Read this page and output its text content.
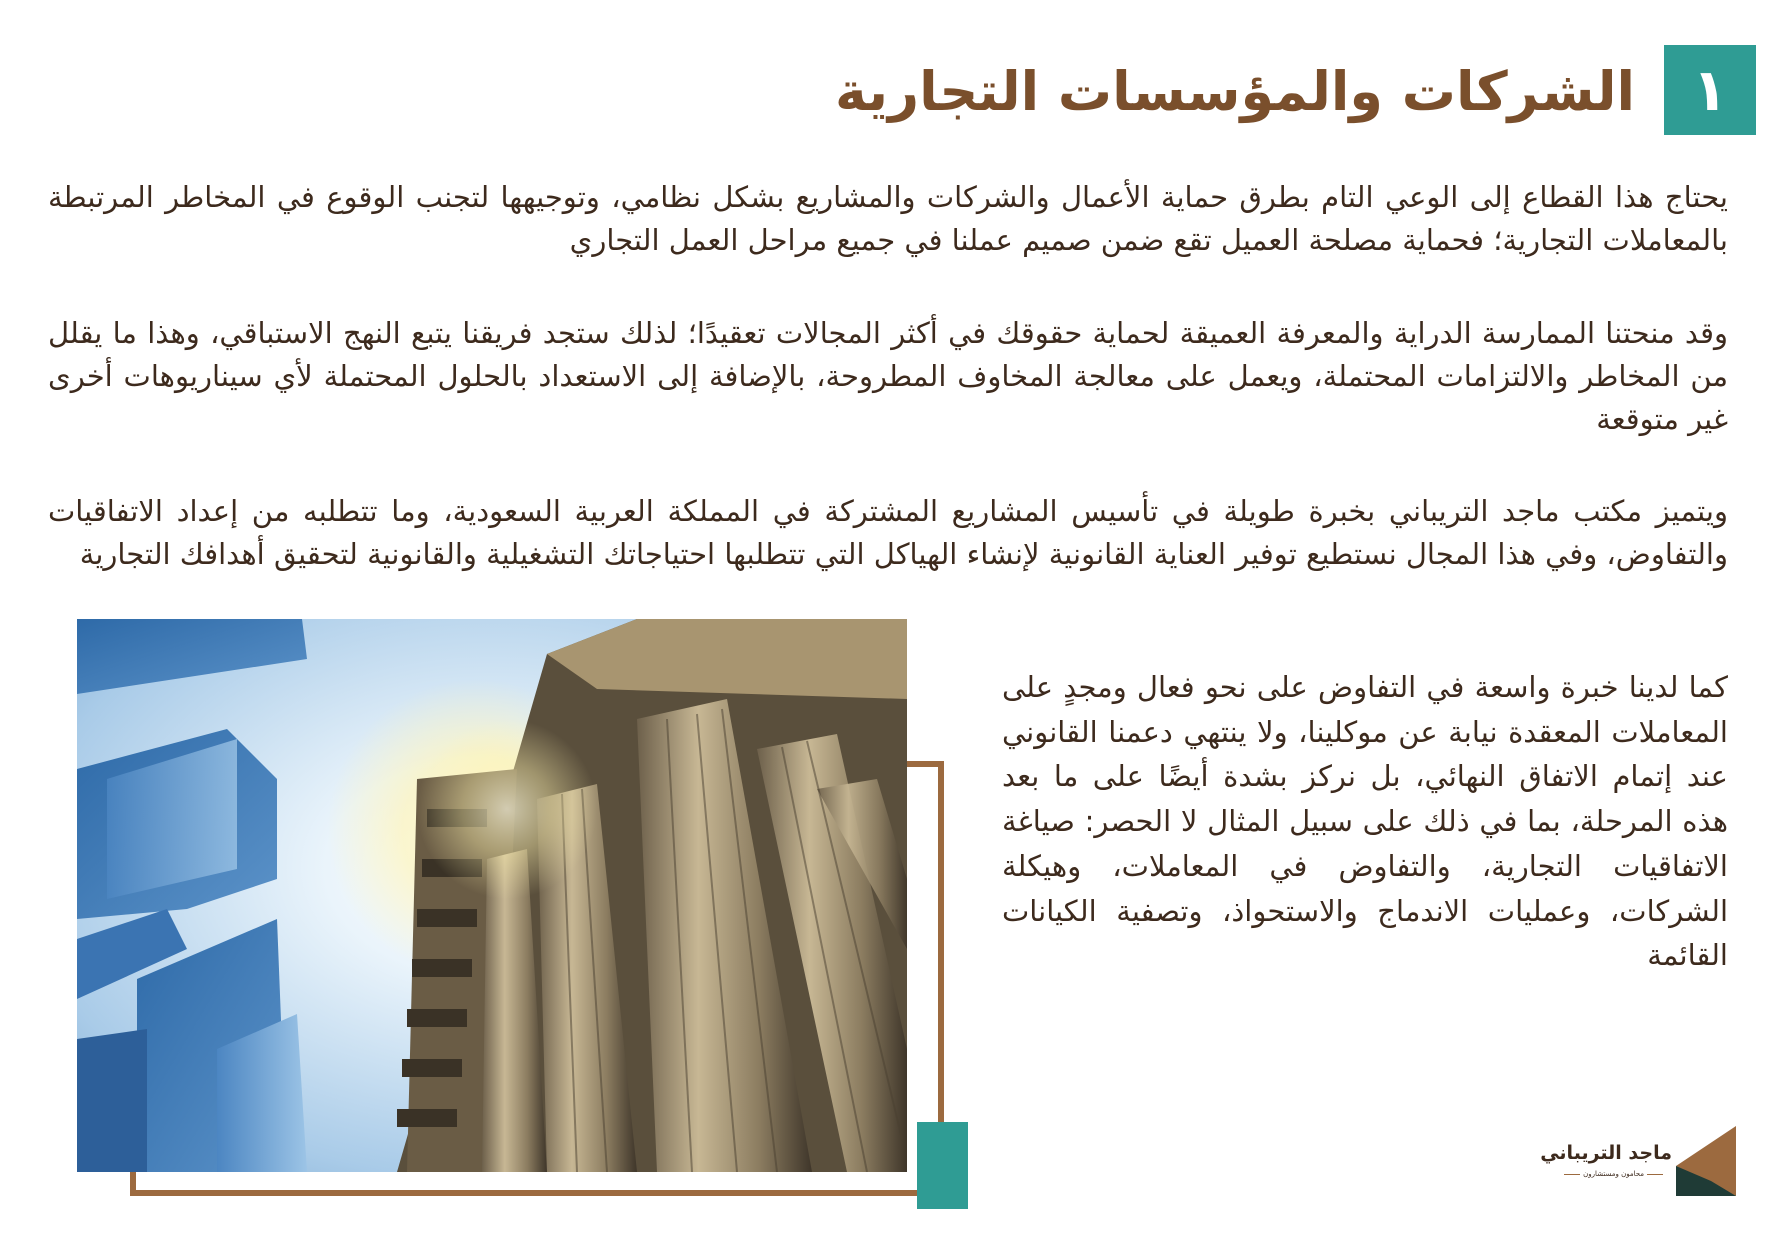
١
الشركات والمؤسسات التجارية

يحتاج هذا القطاع إلى الوعي التام بطرق حماية الأعمال والشركات والمشاريع بشكل نظامي، وتوجيهها لتجنب الوقوع في المخاطر المرتبطة بالمعاملات التجارية؛ فحماية مصلحة العميل تقع ضمن صميم عملنا في جميع مراحل العمل التجاري

وقد منحتنا الممارسة الدراية والمعرفة العميقة لحماية حقوقك في أكثر المجالات تعقيدًا؛ لذلك ستجد فريقنا يتبع النهج الاستباقي، وهذا ما يقلل من المخاطر والالتزامات المحتملة، ويعمل على معالجة المخاوف المطروحة، بالإضافة إلى الاستعداد بالحلول المحتملة لأي سيناريوهات أخرى غير متوقعة

ويتميز مكتب ماجد التريباني بخبرة طويلة في تأسيس المشاريع المشتركة في المملكة العربية السعودية، وما تتطلبه من إعداد الاتفاقيات والتفاوض، وفي هذا المجال نستطيع توفير العناية القانونية لإنشاء الهياكل التي تتطلبها احتياجاتك التشغيلية والقانونية لتحقيق أهدافك التجارية

كما لدينا خبرة واسعة في التفاوض على نحو فعال ومجدٍ على المعاملات المعقدة نيابة عن موكلينا، ولا ينتهي دعمنا القانوني عند إتمام الاتفاق النهائي، بل نركز بشدة أيضًا على ما بعد هذه المرحلة، بما في ذلك على سبيل المثال لا الحصر: صياغة الاتفاقيات التجارية، والتفاوض في المعاملات، وهيكلة الشركات، وعمليات الاندماج والاستحواذ، وتصفية الكيانات القائمة

ماجد التريباني

محامون ومستشارون
